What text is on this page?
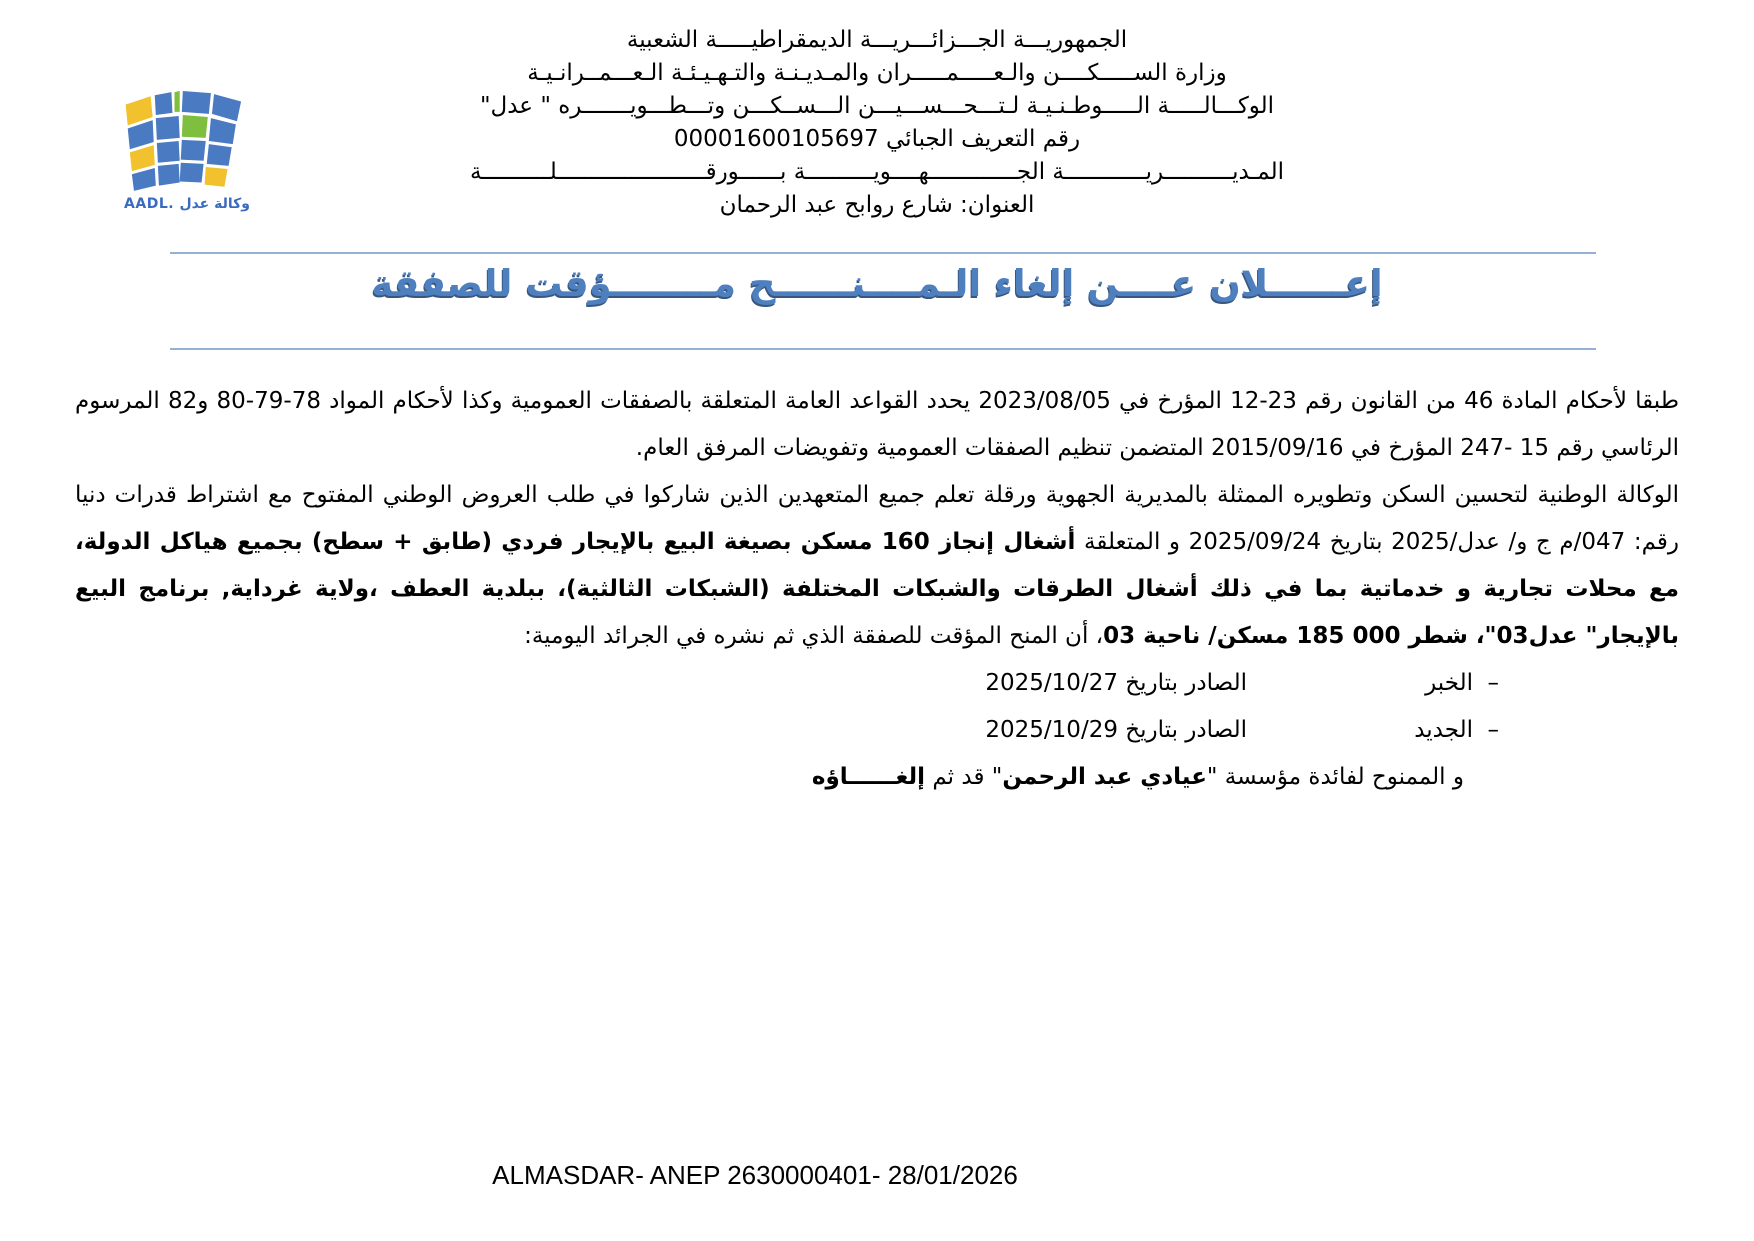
AADL. وكالة عدل
الجمهوريـــة الجـــزائـــريـــة الديمقراطيـــــة الشعبية
وزارة الســـــكــــن والـعـــــمـــــران والمـديـنـة والتـهـيـئـة الـعـــمــرانـيـة
الوكـــالـــــة الـــــوطـنـيـة لـتـــحـــســـيـــن الـــســكـــن وتـــطـــويـــــــره " عدل"
رقم التعريف الجبائي 00001600105697
المـديــــــــــريــــــــــــة الجـــــــــــــهــــويــــــــــة بــــــورقــــــــــــــــــــــلــــــــــة
العنوان: شارع روابح عبد الرحمان
إعــــــلان عــــن إلغاء الـمــــنــــــح مــــــــؤقت للصفقة

طبقا لأحكام المادة 46 من القانون رقم 23-12 المؤرخ في 2023/08/05 يحدد القواعد العامة المتعلقة بالصفقات العمومية وكذا لأحكام المواد 78-79-80 و82 المرسوم الرئاسي رقم 15 -247 المؤرخ في 2015/09/16 المتضمن تنظيم الصفقات العمومية وتفويضات المرفق العام.

الوكالة الوطنية لتحسين السكن وتطويره الممثلة بالمديرية الجهوية ورقلة تعلم جميع المتعهدين الذين شاركوا في طلب العروض الوطني المفتوح مع اشتراط قدرات دنيا رقم: 047/م ج و/ عدل/2025 بتاريخ 2025/09/24 و المتعلقة أشغال إنجاز 160 مسكن بصيغة البيع بالإيجار فردي (طابق + سطح) بجميع هياكل الدولة، مع محلات تجارية و خدماتية بما في ذلك أشغال الطرقات والشبكات المختلفة (الشبكات الثالثية)، ببلدية العطف ،ولاية غرداية, برنامج البيع بالإيجار" عدل03"، شطر 000 185 مسكن/ ناحية 03، أن المنح المؤقت للصفقة الذي ثم نشره في الجرائد اليومية:

–
الخبر
الصادر بتاريخ 2025/10/27
–
الجديد
الصادر بتاريخ 2025/10/29

و الممنوح لفائدة مؤسسة "عيادي عبد الرحمن" قد ثم إلغــــــاؤه

ALMASDAR- ANEP 2630000401- 28/01/2026
